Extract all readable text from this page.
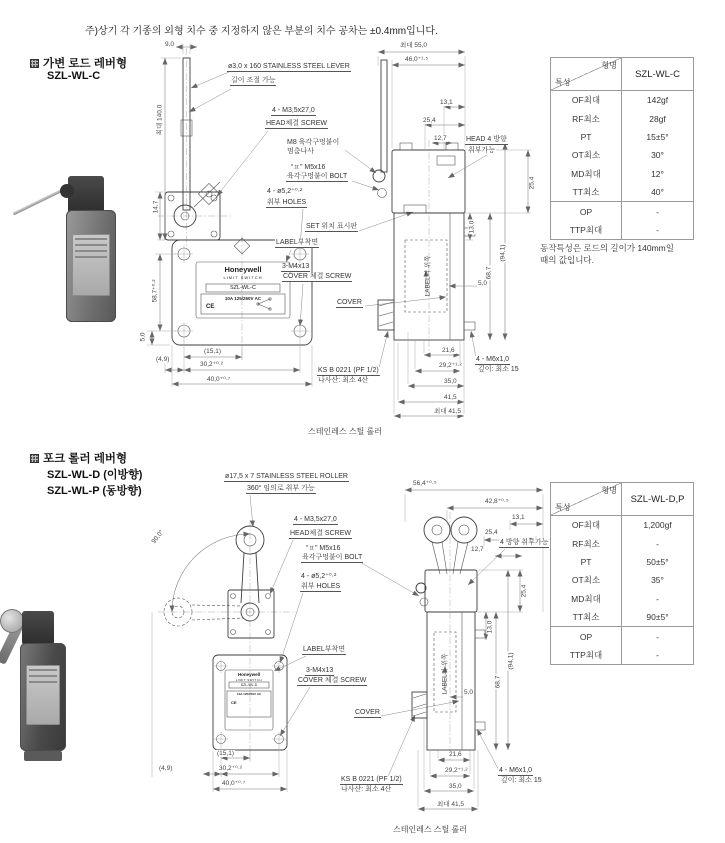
주)상기 각 기종의 외형 치수 중 지정하지 않은 부분의 치수 공차는 ±0.4mm입니다.
가변 로드 레버형
SZL-WL-C
포크 롤러 레버형
SZL-WL-D (이방향)
SZL-WL-P (동방향)
9,0
ø3,0 x 160 STAINLESS STEEL LEVER
길이 조절 가능
최대 140,0	4 - M3,5x27,0
HEAD체결 SCREW
M8 육각구멍붙이
멈춤나사
“ㅍ” M5x16
육각구멍붙이 BOLT
4 - ø5,2⁺⁰·²
취부 HOLES
14,7
SET 위치 표시판
LABEL부착면
3-M4x13
COVER 체결 SCREW
COVER
58,7⁺⁰·²
5,0
(15,1)
(4,9)
30,2⁺⁰·²
40,0⁺⁰·⁷
KS B 0221 (PF 1/2)
나사산: 최소 4산
최대 55,0
46,0⁺¹·⁵
13,1
25,4
12,7	HEAD 4 방향
취부가능
25,4
13,0
(94,1)
68,7
LABEL의 위쪽	5,0
21,6
29,2⁺¹·²
35,0
41,5
최대 41,5
4 - M6x1,0
깊이: 최소 15
스테인레스 스틸 롤러
Honeywell
LIMIT SWITCH
SZL-WL-C
10A 125/250V AC
CE
ø17,5 x 7 STAINLESS STEEL ROLLER
360° 임의로 취부 가능
90,0°
4 - M3,5x27,0
HEAD체결 SCREW
“ㅍ” M5x16
육각구멍붙이 BOLT
4 - ø5,2⁺⁰·²
취부 HOLES
LABEL부착면
3-M4x13
COVER 체결 SCREW
COVER
KS B 0221 (PF 1/2)
나사산: 최소 4산
(15,1)
(4,9)	30,2⁺⁰·²
40,0⁺⁰·⁷
56,4⁺⁰·⁵
42,8⁺⁰·⁵
13,1
25,4
12,7
4 방향 취부가능
25,4
13,0
(94,1)
68,7
LABEL의 위쪽 5,0
21,6
29,2⁺¹·²
35,0
최대 41,5
4 - M6x1,0
깊이: 최소 15
스테인레스 스틸 롤러
Honeywell
LIMIT SWITCH
SZL-WL-D
10A 125/250V AC
CE
형명
특성
SZL-WL-C
OF최대	142gf
RF최소	28gf
PT	15±5°
OT최소	30°
MD최대	12°
TT최소	40°
OP	-
TTP최대	-
동작특성은 로드의 길이가 140mm일
때의 값입니다.
형명
특성
SZL-WL-D,P
OF최대	1,200gf
RF최소	-
PT	50±5°
OT최소	35°
MD최대	-
TT최소	90±5°
OP	-
TTP최대	-
